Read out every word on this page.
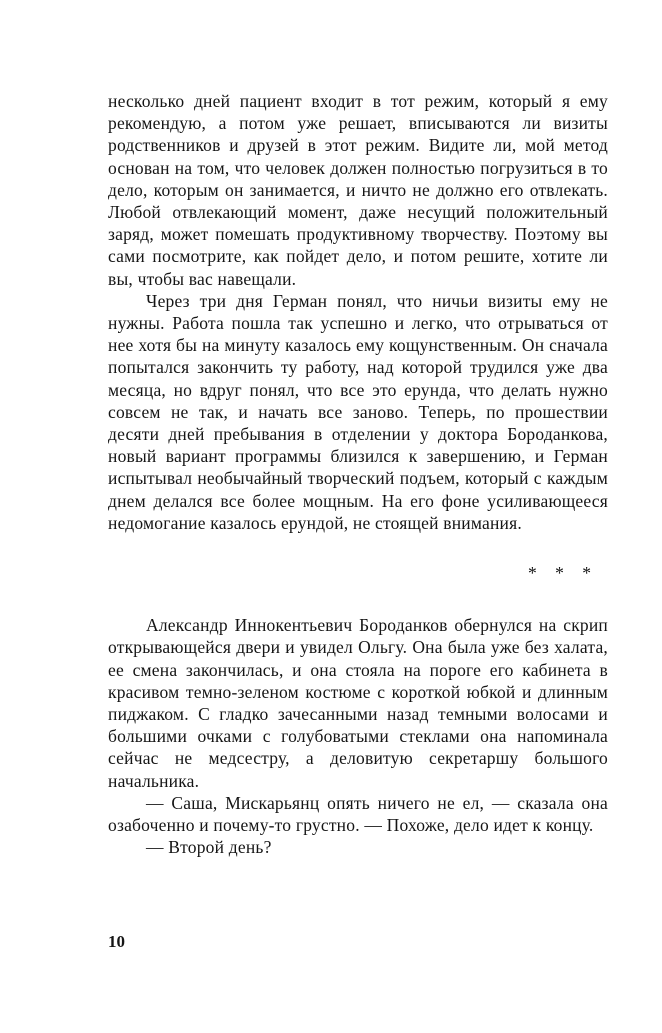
несколько дней пациент входит в тот режим, который я ему рекомендую, а потом уже решает, вписываются ли визиты родственников и друзей в этот режим. Видите ли, мой метод основан на том, что человек должен полностью погрузиться в то дело, которым он занимается, и ничто не должно его отвлекать. Любой отвлекающий момент, даже несущий положительный заряд, может помешать продуктивному творчеству. Поэтому вы сами посмотрите, как пойдет дело, и потом решите, хотите ли вы, чтобы вас навещали.

Через три дня Герман понял, что ничьи визиты ему не нужны. Работа пошла так успешно и легко, что отрываться от нее хотя бы на минуту казалось ему кощунственным. Он сначала попытался закончить ту работу, над которой трудился уже два месяца, но вдруг понял, что все это ерунда, что делать нужно совсем не так, и начать все заново. Теперь, по прошествии десяти дней пребывания в отделении у доктора Бороданкова, новый вариант программы близился к завершению, и Герман испытывал необычайный творческий подъем, который с каждым днем делался все более мощным. На его фоне усиливающееся недомогание казалось ерундой, не стоящей внимания.

* * *

Александр Иннокентьевич Бороданков обернулся на скрип открывающейся двери и увидел Ольгу. Она была уже без халата, ее смена закончилась, и она стояла на пороге его кабинета в красивом темно-зеленом костюме с короткой юбкой и длинным пиджаком. С гладко зачесанными назад темными волосами и большими очками с голубоватыми стеклами она напоминала сейчас не медсестру, а деловитую секретаршу большого начальника.

— Саша, Мискарьянц опять ничего не ел, — сказала она озабоченно и почему-то грустно. — Похоже, дело идет к концу.

— Второй день?

10
